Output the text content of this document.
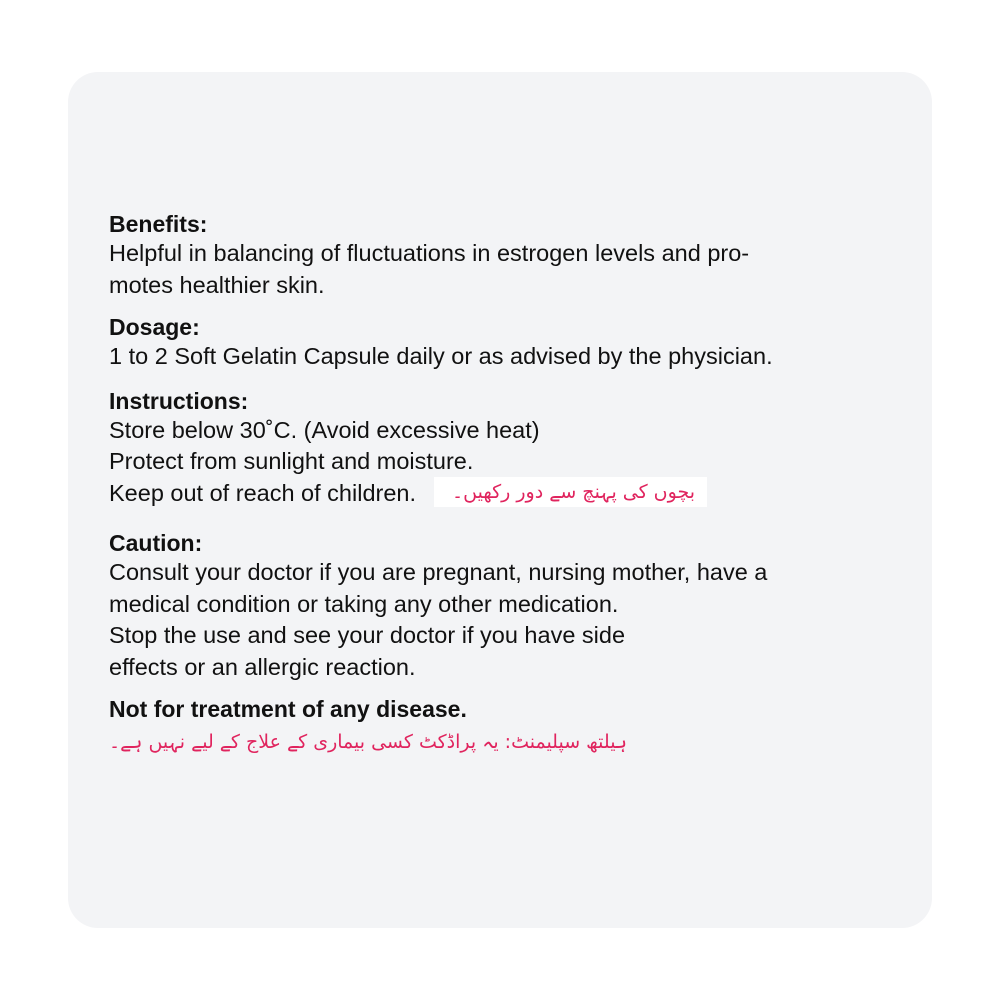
Benefits:

Helpful in balancing of fluctuations in estrogen levels and pro-

motes healthier skin.

Dosage:

1 to 2 Soft Gelatin Capsule daily or as advised by the physician.

Instructions:

Store below 30˚C. (Avoid excessive heat)

Protect from sunlight and moisture.

Keep out of reach of children. بچوں کی پہنچ سے دور رکھیں۔

Caution:

Consult your doctor if you are pregnant, nursing mother, have a

medical condition or taking any other medication.

Stop the use and see your doctor if you have side

effects or an allergic reaction.

Not for treatment of any disease.

ہیلتھ سپلیمنٹ: یہ پراڈکٹ کسی بیماری کے علاج کے لیے نہیں ہے۔
